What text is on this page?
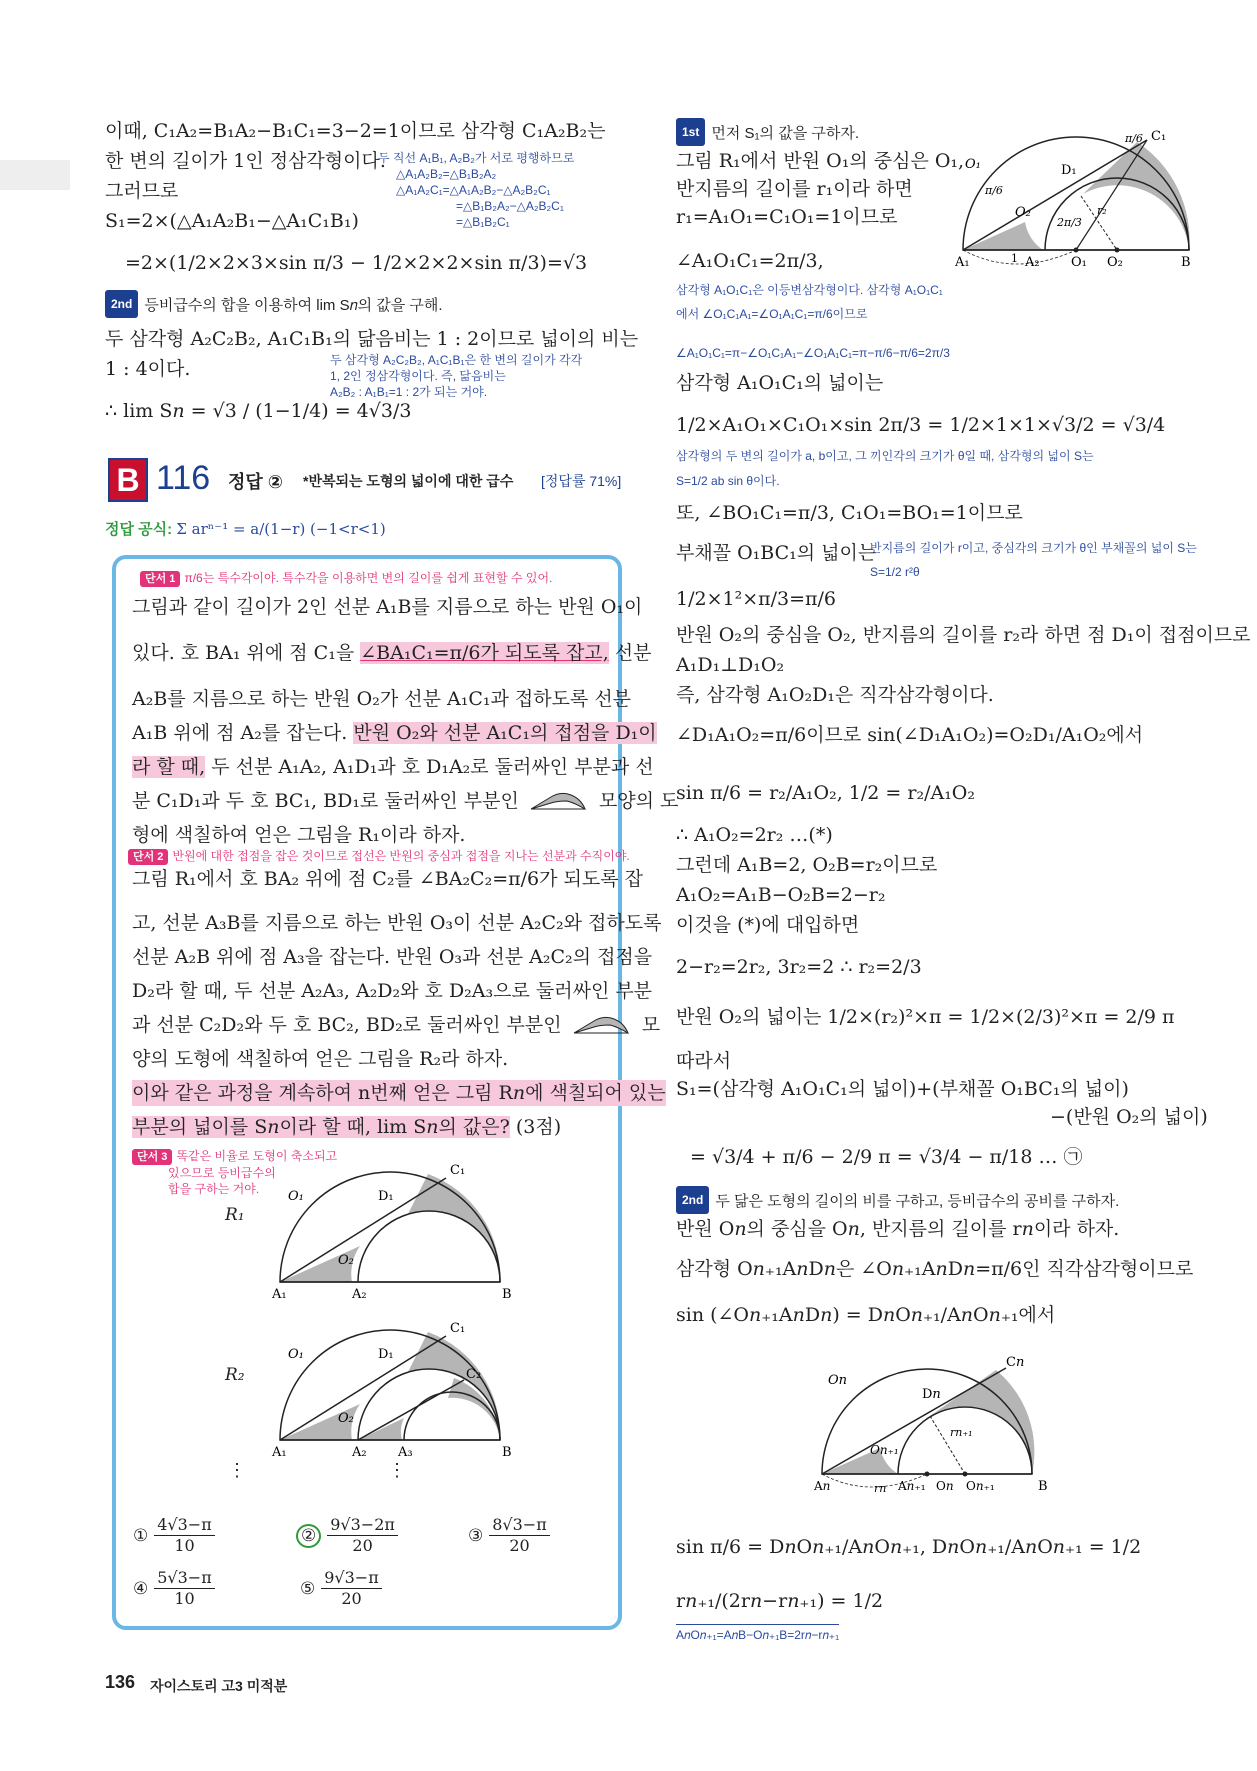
이때, C₁A₂=B₁A₂−B₁C₁=3−2=1이므로 삼각형 C₁A₂B₂는
한 변의 길이가 1인 정삼각형이다.
그러므로
S₁=2×(△A₁A₂B₁−△A₁C₁B₁)
=2×(1/2×2×3×sin π/3 − 1/2×2×2×sin π/3)=√3
두 직선 A₁B₁, A₂B₂가 서로 평행하므로
△A₁A₂B₂=△B₁B₂A₂
△A₁A₂C₁=△A₁A₂B₂−△A₂B₂C₁
=△B₁B₂A₂−△A₂B₂C₁
=△B₁B₂C₁
2nd 등비급수의 합을 이용하여 lim S𝑛의 값을 구해.
두 삼각형 A₂C₂B₂, A₁C₁B₁의 닮음비는 1 : 2이므로 넓이의 비는
1 : 4이다.	두 삼각형 A₂C₂B₂, A₁C₁B₁은 한 변의 길이가 각각
1, 2인 정삼각형이다. 즉, 닮음비는
A₂B₂ : A₁B₁=1 : 2가 되는 거야.
∴ lim S𝑛 = √3 / (1−1/4) = 4√3/3
B 116 정답 ② *반복되는 도형의 넓이에 대한 급수 [정답률 71%]
정답 공식: Σ arⁿ⁻¹ = a/(1−r) (−1<r<1)
단서 1 π/6는 특수각이야. 특수각을 이용하면 변의 길이를 쉽게 표현할 수 있어.
그림과 같이 길이가 2인 선분 A₁B를 지름으로 하는 반원 O₁이
있다. 호 BA₁ 위에 점 C₁을 ∠BA₁C₁=π/6가 되도록 잡고, 선분
A₂B를 지름으로 하는 반원 O₂가 선분 A₁C₁과 접하도록 선분
A₁B 위에 점 A₂를 잡는다. 반원 O₂와 선분 A₁C₁의 접점을 D₁이
라 할 때, 두 선분 A₁A₂, A₁D₁과 호 D₁A₂로 둘러싸인 부분과 선
분 C₁D₁과 두 호 BC₁, BD₁로 둘러싸인 부분인	모양의 도
형에 색칠하여 얻은 그림을 R₁이라 하자.
단서 2 반원에 대한 접점을 잡은 것이므로 접선은 반원의 중심과 접점을 지나는 선분과 수직이야.
그림 R₁에서 호 BA₂ 위에 점 C₂를 ∠BA₂C₂=π/6가 되도록 잡
고, 선분 A₃B를 지름으로 하는 반원 O₃이 선분 A₂C₂와 접하도록
선분 A₂B 위에 점 A₃을 잡는다. 반원 O₃과 선분 A₂C₂의 접점을
D₂라 할 때, 두 선분 A₂A₃, A₂D₂와 호 D₂A₃으로 둘러싸인 부분
과 선분 C₂D₂와 두 호 BC₂, BD₂로 둘러싸인 부분인	모
양의 도형에 색칠하여 얻은 그림을 R₂라 하자.
이와 같은 과정을 계속하여 n번째 얻은 그림 R𝑛에 색칠되어 있는
부분의 넓이를 S𝑛이라 할 때, lim S𝑛의 값은? (3점)
단서 3 똑같은 비율로 도형이 축소되고
있으므로 등비급수의
합을 구하는 거야.
R₁
O₁	D₁
C₁
O₂
A₁	A₂	B
R₂
O₁	D₁
C₁
C₂
O₂
A₁	A₂ A₃	B
⋮	⋮
① $\frac{4√3-\pi}{10}$	② $\frac{9√3-2\pi}{20}$	③ $\frac{8√3-\pi}{20}$
④ $\frac{5√3-\pi}{10}$	⑤ $\frac{9√3-\pi}{20}$
1st 먼저 S₁의 값을 구하자.
그림 R₁에서 반원 O₁의 중심은 O₁,
반지름의 길이를 r₁이라 하면
r₁=A₁O₁=C₁O₁=1이므로
∠A₁O₁C₁=2π/3,
O₁	D₁
C₁
O₂
A₁	A₂ O₁ O₂	B
π/6
π/6
2π/3
r₂
1
삼각형 A₁O₁C₁은 이등변삼각형이다. 삼각형 A₁O₁C₁
에서 ∠O₁C₁A₁=∠O₁A₁C₁=π/6이므로
∠A₁O₁C₁=π−∠O₁C₁A₁−∠O₁A₁C₁=π−π/6−π/6=2π/3
삼각형 A₁O₁C₁의 넓이는
1/2×A₁O₁×C₁O₁×sin 2π/3 = 1/2×1×1×√3/2 = √3/4
삼각형의 두 변의 길이가 a, b이고, 그 끼인각의 크기가 θ일 때, 삼각형의 넓이 S는
S=1/2 ab sin θ이다.
또, ∠BO₁C₁=π/3, C₁O₁=BO₁=1이므로
부채꼴 O₁BC₁의 넓이는
반지름의 길이가 r이고, 중심각의 크기가 θ인 부채꼴의 넓이 S는
S=1/2 r²θ
1/2×1²×π/3=π/6
반원 O₂의 중심을 O₂, 반지름의 길이를 r₂라 하면 점 D₁이 접점이므로
A₁D₁⊥D₁O₂
즉, 삼각형 A₁O₂D₁은 직각삼각형이다.
∠D₁A₁O₂=π/6이므로 sin(∠D₁A₁O₂)=O₂D₁/A₁O₂에서
sin π/6 = r₂/A₁O₂, 1/2 = r₂/A₁O₂
∴ A₁O₂=2r₂ …(*)
그런데 A₁B=2, O₂B=r₂이므로
A₁O₂=A₁B−O₂B=2−r₂
이것을 (*)에 대입하면
2−r₂=2r₂, 3r₂=2 ∴ r₂=2/3
반원 O₂의 넓이는 1/2×(r₂)²×π = 1/2×(2/3)²×π = 2/9 π
따라서
S₁=(삼각형 A₁O₁C₁의 넓이)+(부채꼴 O₁BC₁의 넓이)
−(반원 O₂의 넓이)
= √3/4 + π/6 − 2/9 π = √3/4 − π/18 … ㉠
2nd 두 닮은 도형의 길이의 비를 구하고, 등비급수의 공비를 구하자.
반원 O𝑛의 중심을 O𝑛, 반지름의 길이를 r𝑛이라 하자.
삼각형 O𝑛₊₁A𝑛D𝑛은 ∠O𝑛₊₁A𝑛D𝑛=π/6인 직각삼각형이므로
sin (∠O𝑛₊₁A𝑛D𝑛) = D𝑛O𝑛₊₁/A𝑛O𝑛₊₁에서
O𝑛
D𝑛
C𝑛
O𝑛₊₁
A𝑛	A𝑛₊₁ O𝑛 O𝑛₊₁	B
r𝑛₊₁
r𝑛
sin π/6 = D𝑛O𝑛₊₁/A𝑛O𝑛₊₁, D𝑛O𝑛₊₁/A𝑛O𝑛₊₁ = 1/2
r𝑛₊₁/(2r𝑛−r𝑛₊₁) = 1/2
A𝑛O𝑛₊₁=A𝑛B−O𝑛₊₁B=2r𝑛−r𝑛₊₁
136 자이스토리 고3 미적분
